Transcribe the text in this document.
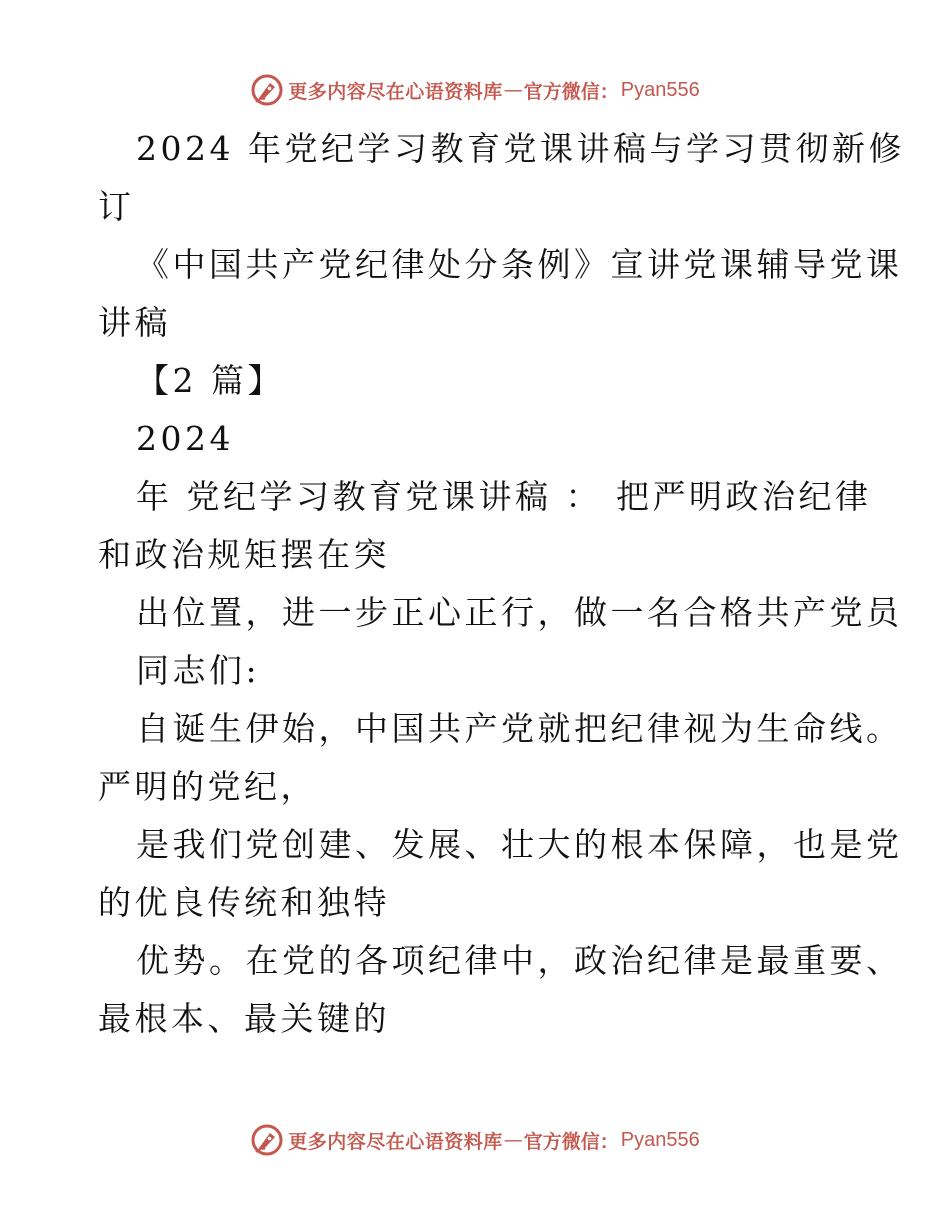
更多内容尽在心语资料库 — 官方微信： Pyan556
2024 年党纪学习教育党课讲稿与学习贯彻新修
订
《中国共产党纪律处分条例》宣讲党课辅导党课
讲稿
【2 篇】
2024
年 党纪学习教育党课讲稿 ： 把严明政治纪律
和政治规矩摆在突
出位置，进一步正心正行，做一名合格共产党员
同志们:
自诞生伊始，中国共产党就把纪律视为生命线。
严明的党纪，
是我们党创建、发展、壮大的根本保障，也是党
的优良传统和独特
优势。在党的各项纪律中，政治纪律是最重要、
最根本、最关键的
更多内容尽在心语资料库 — 官方微信： Pyan556
